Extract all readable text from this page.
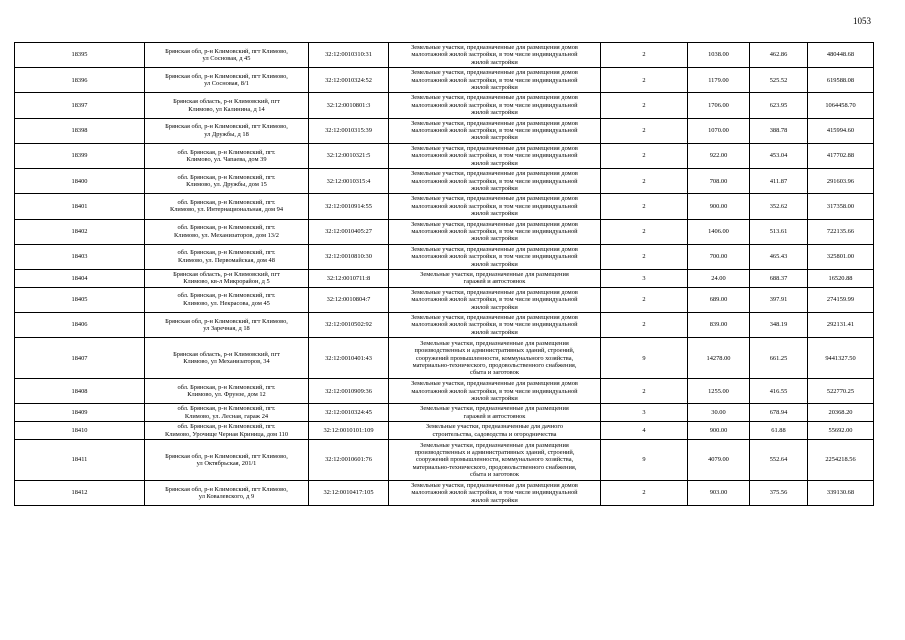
1053
18395	Брянская обл, р-н Климовский, пгт Климово,
ул Сосновая, д 45	32:12:0010310:31	Земельные участки, предназначенные для размещения домов
малоэтажной жилой застройки, в том числе индивидуальной
жилой застройки	2	1038.00	462.86	480448.68
18396	Брянская обл, р-н Климовский, пгт Климово,
ул Сосновая, 8/1	32:12:0010324:52	Земельные участки, предназначенные для размещения домов
малоэтажной жилой застройки, в том числе индивидуальной
жилой застройки	2	1179.00	525.52	619588.08
18397	Брянская область, р-н Климовский, пгт
Климово, ул Калинина, д 14	32:12:0010801:3	Земельные участки, предназначенные для размещения домов
малоэтажной жилой застройки, в том числе индивидуальной
жилой застройки	2	1706.00	623.95	1064458.70
18398	Брянская обл, р-н Климовский, пгт Климово,
ул Дружбы, д 18	32:12:0010315:39	Земельные участки, предназначенные для размещения домов
малоэтажной жилой застройки, в том числе индивидуальной
жилой застройки	2	1070.00	388.78	415994.60
18399	обл. Брянская, р-н Климовский, пгт.
Климово, ул. Чапаева, дом 39	32:12:0010321:5	Земельные участки, предназначенные для размещения домов
малоэтажной жилой застройки, в том числе индивидуальной
жилой застройки	2	922.00	453.04	417702.88
18400	обл. Брянская, р-н Климовский, пгт.
Климово, ул. Дружбы, дом 15	32:12:0010315:4	Земельные участки, предназначенные для размещения домов
малоэтажной жилой застройки, в том числе индивидуальной
жилой застройки	2	708.00	411.87	291603.96
18401	обл. Брянская, р-н Климовский, пгт.
Климово, ул. Интернациональная, дом 94	32:12:0010914:55	Земельные участки, предназначенные для размещения домов
малоэтажной жилой застройки, в том числе индивидуальной
жилой застройки	2	900.00	352.62	317358.00
18402	обл. Брянская, р-н Климовский, пгт.
Климово, ул. Механизаторов, дом 13/2	32:12:0010405:27	Земельные участки, предназначенные для размещения домов
малоэтажной жилой застройки, в том числе индивидуальной
жилой застройки	2	1406.00	513.61	722135.66
18403	обл. Брянская, р-н Климовский, пгт.
Климово, ул. Первомайская, дом 48	32:12:0010810:30	Земельные участки, предназначенные для размещения домов
малоэтажной жилой застройки, в том числе индивидуальной
жилой застройки	2	700.00	465.43	325801.00
18404	Брянская область, р-н Климовский, пгт
Климово, кв-л Микрорайон, д 5	32:12:0010711:8	Земельные участки, предназначенные для размещения
гаражей и автостоянок	3	24.00	688.37	16520.88
18405	обл. Брянская, р-н Климовский, пгт.
Климово, ул. Некрасова, дом 45	32:12:0010804:7	Земельные участки, предназначенные для размещения домов
малоэтажной жилой застройки, в том числе индивидуальной
жилой застройки	2	689.00	397.91	274159.99
18406	Брянская обл, р-н Климовский, пгт Климово,
ул Заречная, д 18	32:12:0010502:92	Земельные участки, предназначенные для размещения домов
малоэтажной жилой застройки, в том числе индивидуальной
жилой застройки	2	839.00	348.19	292131.41
18407	Брянская область, р-н Климовский, пгт
Климово, ул Механизаторов, 34	32:12:0010401:43	Земельные участки, предназначенные для размещения
производственных и административных зданий, строений,
сооружений промышленности, коммунального хозяйства,
материально-технического, продовольственного снабжения,
сбыта и заготовок	9	14278.00	661.25	9441327.50
18408	обл. Брянская, р-н Климовский, пгт.
Климово, ул. Фрунзе, дом 12	32:12:0010909:36	Земельные участки, предназначенные для размещения домов
малоэтажной жилой застройки, в том числе индивидуальной
жилой застройки	2	1255.00	416.55	522770.25
18409	обл. Брянская, р-н Климовский, пгт.
Климово, ул. Лесная, гараж 24	32:12:0010324:45	Земельные участки, предназначенные для размещения
гаражей и автостоянок	3	30.00	678.94	20368.20
18410	обл. Брянская, р-н Климовский, пгт.
Климово, Урочище Черная Криница, дом 110	32:12:0010101:109	Земельные участки, предназначенные для дачного
строительства, садоводства и огородничества	4	900.00	61.88	55692.00
18411	Брянская обл, р-н Климовский, пгт Климово,
ул Октябрьская, 201/1	32:12:0010601:76	Земельные участки, предназначенные для размещения
производственных и административных зданий, строений,
сооружений промышленности, коммунального хозяйства,
материально-технического, продовольственного снабжения,
сбыта и заготовок	9	4079.00	552.64	2254218.56
18412	Брянская обл, р-н Климовский, пгт Климово,
ул Ковалевского, д 9	32:12:0010417:105	Земельные участки, предназначенные для размещения домов
малоэтажной жилой застройки, в том числе индивидуальной
жилой застройки	2	903.00	375.56	339130.68
